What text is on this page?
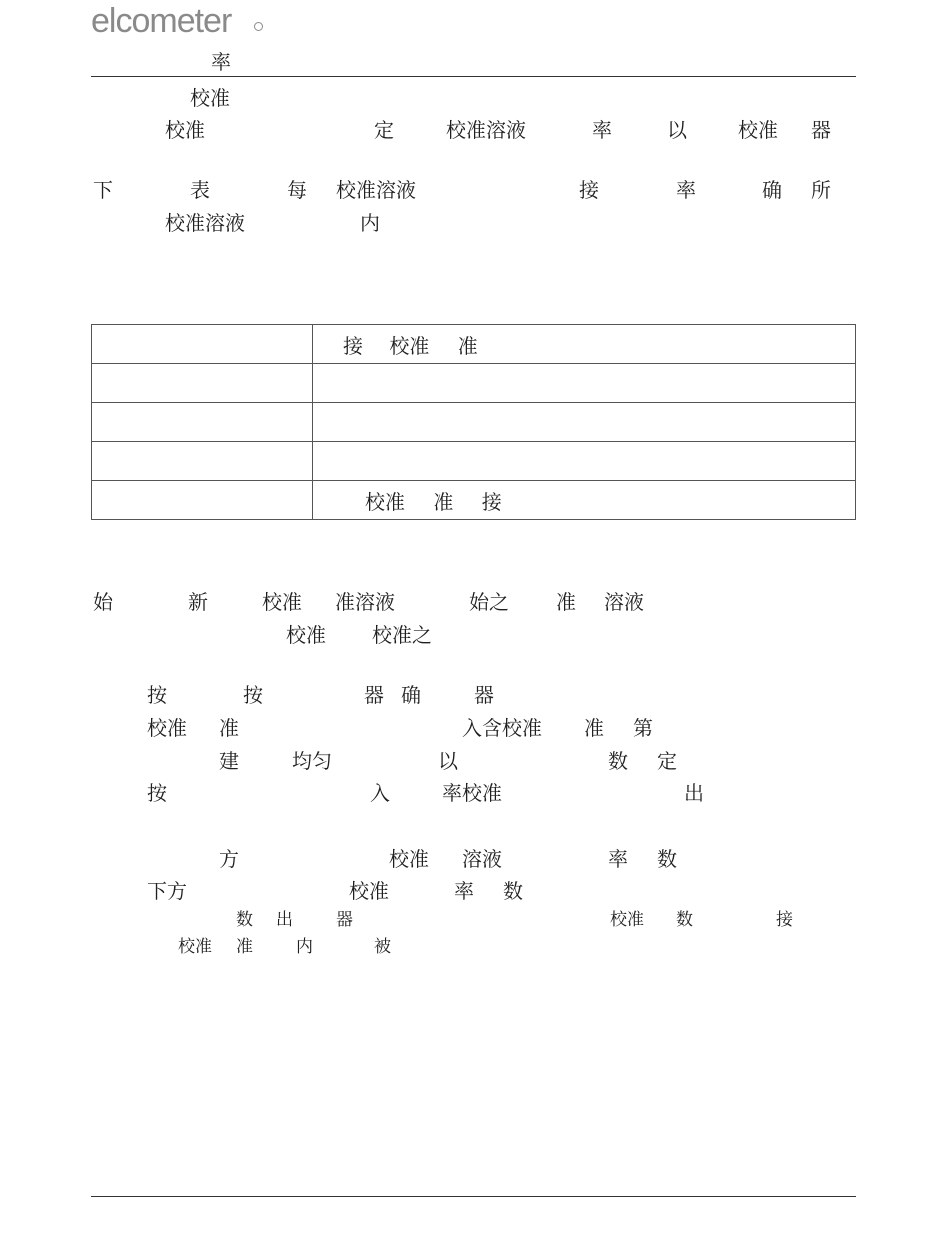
elcometer
率
校准
校准	定	校准溶液	率	以	校准 器
下	表	每 校准溶液	接	率	确 所
校准溶液	内
	接 校准 准

	校准 准 接
始	新	校准 准溶液	始之 准 溶液
校准 校准之
按	按	器 确	器
校准 准	入含校准 准 第
建	均匀	以	数 定
按	入	率校准	出
方	校准 溶液	率 数
下方	校准	率 数
数 出	器	校准 数	接
校准 准	内	被
